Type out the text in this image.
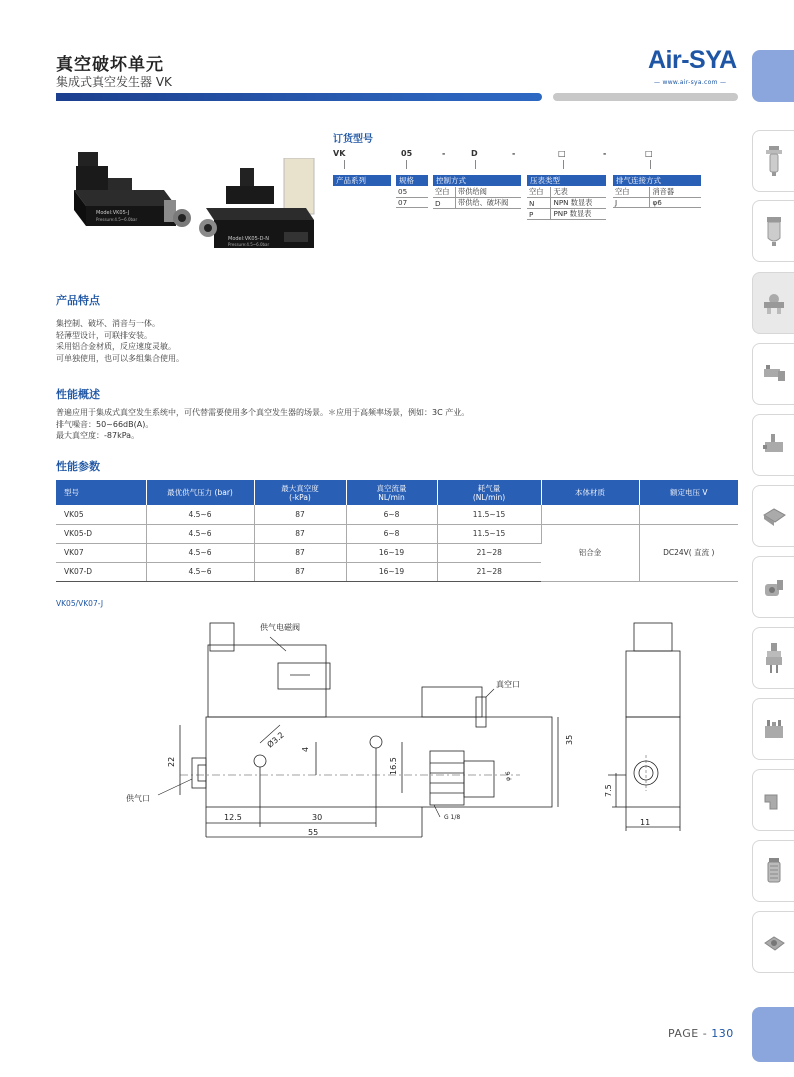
真空破坏单元
集成式真空发生器 VK
Air-SYA
— www.air-sya.com —
Model:VK05-J
Pressure:4.5~6.0bar
Model:VK05-D-N
Pressure:4.5~6.0bar
订货型号
VK	05	-	D	-	□	-	□
产品系列	规格	控制方式	压表类型	排气连接方式
05
07
空白	带供给阀
D	带供给、破坏阀
空白	无表
N	NPN 数显表
P	PNP 数显表
空白	消音器
J	φ6
产品特点
集控制、破坏、消音与一体。
轻薄型设计，可联排安装。
采用铝合金材质，反应速度灵敏。
可单独使用，也可以多组集合使用。
性能概述
普遍应用于集成式真空发生系统中，可代替需要使用多个真空发生器的场景。＊应用于高频率场景，例如：3C 产业。
排气噪音：50~66dB(A)。
最大真空度：-87kPa。
性能参数
型号	最优供气压力 (bar)	最大真空度
(-kPa)	真空流量
NL/min	耗气量
(NL/min)	本体材质	额定电压 V
VK05	4.5~6	87	6~8	11.5~15		
VK05-D	4.5~6	87	6~8	11.5~15	铝合金	DC24V( 直流 )
VK07	4.5~6	87	16~19	21~28		
VK07-D	4.5~6	87	16~19	21~28		
VK05/VK07-J
供气电磁阀
真空口
供气口
Ø3.2 4
16.5
35
22
12.5	30
55
φ 6
G 1/8
7.5
11
PAGE - 130
